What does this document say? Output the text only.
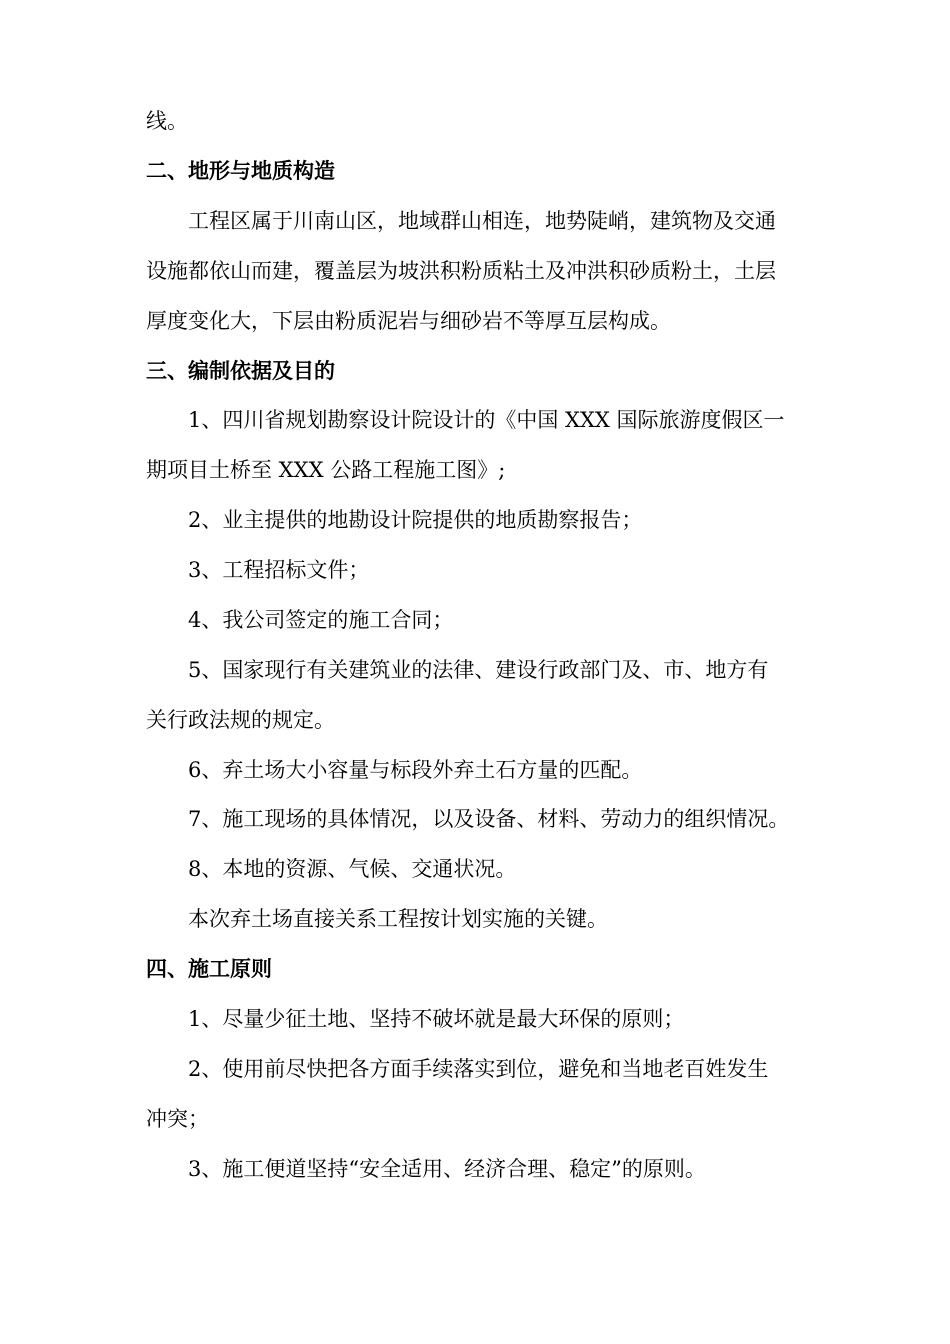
线。
二、地形与地质构造
工程区属于川南山区，地域群山相连，地势陡峭，建筑物及交通
设施都依山而建，覆盖层为坡洪积粉质粘土及冲洪积砂质粉土，土层
厚度变化大，下层由粉质泥岩与细砂岩不等厚互层构成。
三、编制依据及目的
1、四川省规划勘察设计院设计的《中国 XXX 国际旅游度假区一
期项目土桥至 XXX 公路工程施工图》;
2、业主提供的地勘设计院提供的地质勘察报告；
3、工程招标文件；
4、我公司签定的施工合同；
5、国家现行有关建筑业的法律、建设行政部门及、市、地方有
关行政法规的规定。
6、弃土场大小容量与标段外弃土石方量的匹配。
7、施工现场的具体情况，以及设备、材料、劳动力的组织情况。
8、本地的资源、气候、交通状况。
本次弃土场直接关系工程按计划实施的关键。
四、施工原则
1、尽量少征土地、坚持不破坏就是最大环保的原则；
2、使用前尽快把各方面手续落实到位，避免和当地老百姓发生
冲突；
3、施工便道坚持“安全适用、经济合理、稳定”的原则。
